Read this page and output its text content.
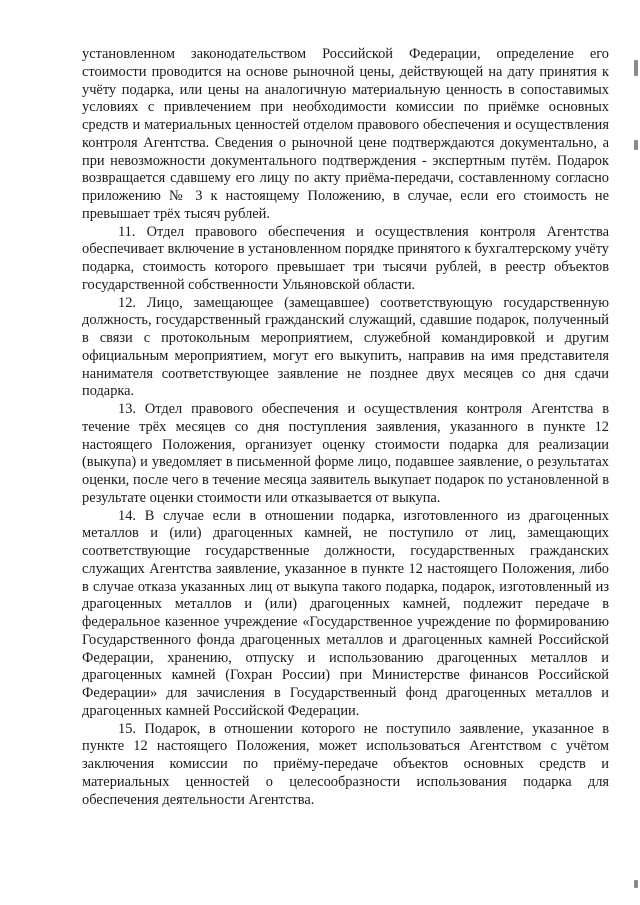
установленном законодательством Российской Федерации, определение его стоимости проводится на основе рыночной цены, действующей на дату принятия к учёту подарка, или цены на аналогичную материальную ценность в сопоставимых условиях с привлечением при необходимости комиссии по приёмке основных средств и материальных ценностей отделом правового обеспечения и осуществления контроля Агентства. Сведения о рыночной цене подтверждаются документально, а при невозможности документального подтверждения - экспертным путём. Подарок возвращается сдавшему его лицу по акту приёма-передачи, составленному согласно приложению № 3 к настоящему Положению, в случае, если его стоимость не превышает трёх тысяч рублей.

11. Отдел правового обеспечения и осуществления контроля Агентства обеспечивает включение в установленном порядке принятого к бухгалтерскому учёту подарка, стоимость которого превышает три тысячи рублей, в реестр объектов государственной собственности Ульяновской области.

12. Лицо, замещающее (замещавшее) соответствующую государственную должность, государственный гражданский служащий, сдавшие подарок, полученный в связи с протокольным мероприятием, служебной командировкой и другим официальным мероприятием, могут его выкупить, направив на имя представителя нанимателя соответствующее заявление не позднее двух месяцев со дня сдачи подарка.

13. Отдел правового обеспечения и осуществления контроля Агентства в течение трёх месяцев со дня поступления заявления, указанного в пункте 12 настоящего Положения, организует оценку стоимости подарка для реализации (выкупа) и уведомляет в письменной форме лицо, подавшее заявление, о результатах оценки, после чего в течение месяца заявитель выкупает подарок по установленной в результате оценки стоимости или отказывается от выкупа.

14. В случае если в отношении подарка, изготовленного из драгоценных металлов и (или) драгоценных камней, не поступило от лиц, замещающих соответствующие государственные должности, государственных гражданских служащих Агентства заявление, указанное в пункте 12 настоящего Положения, либо в случае отказа указанных лиц от выкупа такого подарка, подарок, изготовленный из драгоценных металлов и (или) драгоценных камней, подлежит передаче в федеральное казенное учреждение «Государственное учреждение по формированию Государственного фонда драгоценных металлов и драгоценных камней Российской Федерации, хранению, отпуску и использованию драгоценных металлов и драгоценных камней (Гохран России) при Министерстве финансов Российской Федерации» для зачисления в Государственный фонд драгоценных металлов и драгоценных камней Российской Федерации.

15. Подарок, в отношении которого не поступило заявление, указанное в пункте 12 настоящего Положения, может использоваться Агентством с учётом заключения комиссии по приёму-передаче объектов основных средств и материальных ценностей о целесообразности использования подарка для обеспечения деятельности Агентства.
